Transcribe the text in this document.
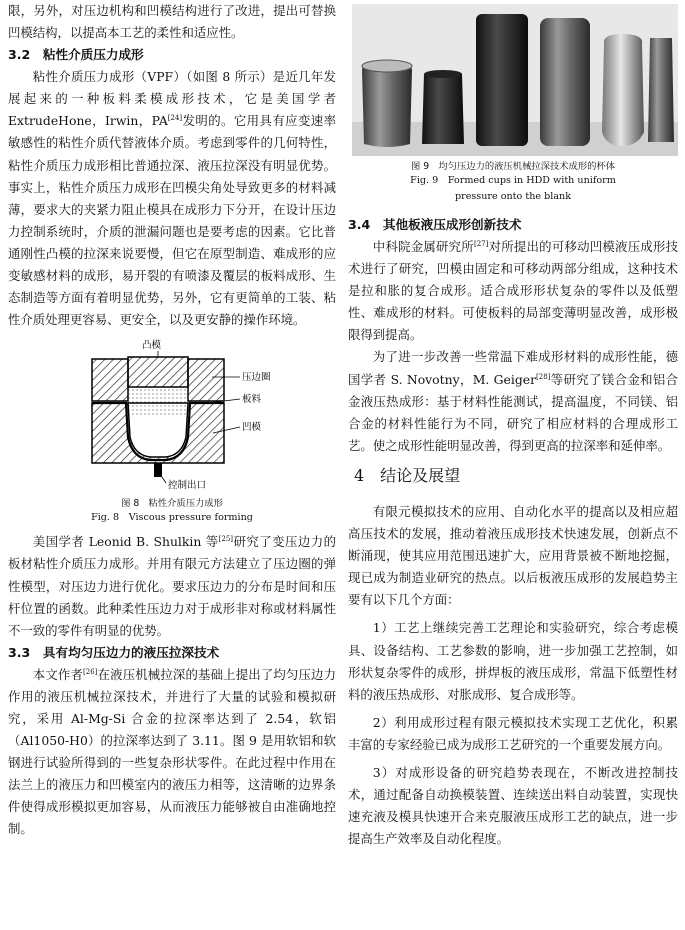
限，另外，对压边机构和凹模结构进行了改进，提出可替换凹模结构，以提高本工艺的柔性和适应性。

3.2　粘性介质压力成形

粘性介质压力成形（VPF）（如图 8 所示）是近几年发展起来的一种板料柔模成形技术，它是美国学者 ExtrudeHone，Irwin，PA[24]发明的。它用具有应变速率敏感性的粘性介质代替液体介质。考虑到零件的几何特性，粘性介质压力成形相比普通拉深、液压拉深没有明显优势。事实上，粘性介质压力成形在凹模尖角处导致更多的材料减薄，要求大的夹紧力阻止模具在成形力下分开，在设计压边力控制系统时，介质的泄漏问题也是要考虑的因素。它比普通刚性凸模的拉深来说要慢，但它在原型制造、难成形的应变敏感材料的成形，易开裂的有喷漆及覆层的板料成形、生态制造等方面有着明显优势，另外，它有更简单的工装、粘性介质处理更容易、更安全，以及更安静的操作环境。

凸模
压边圈
板料
凹模
控制出口
图 8　粘性介质压力成形
Fig. 8　Viscous pressure forming

美国学者 Leonid B. Shulkin 等[25]研究了变压边力的板材粘性介质压力成形。并用有限元方法建立了压边圈的弹性模型，对压边力进行优化。要求压边力的分布是时间和压杆位置的函数。此种柔性压边力对于成形非对称或材料属性不一致的零件有明显的优势。

3.3　具有均匀压边力的液压拉深技术

本文作者[26]在液压机械拉深的基础上提出了均匀压边力作用的液压机械拉深技术，并进行了大量的试验和模拟研究，采用 Al-Mg-Si 合金的拉深率达到了 2.54，软铝（Al1050-H0）的拉深率达到了 3.11。图 9 是用软铝和软钢进行试验所得到的一些复杂形状零件。在此过程中作用在法兰上的液压力和凹模室内的液压力相等，这清晰的边界条件使得成形模拟更加容易，从而液压力能够被自由准确地控制。

图 9　均匀压边力的液压机械拉深技术成形的杯体
Fig. 9　Formed cups in HDD with uniform
pressure onto the blank
3.4　其他板液压成形创新技术

中科院金属研究所[27]对所提出的可移动凹模液压成形技术进行了研究，凹模由固定和可移动两部分组成，这种技术是拉和胀的复合成形。适合成形形状复杂的零件以及低塑性、难成形的材料。可使板料的局部变薄明显改善，成形极限得到提高。

为了进一步改善一些常温下难成形材料的成形性能，德国学者 S. Novotny，M. Geiger[28]等研究了镁合金和铝合金液压热成形：基于材料性能测试，提高温度，不同镁、铝合金的材料性能行为不同，研究了相应材料的合理成形工艺。使之成形性能明显改善，得到更高的拉深率和延伸率。

4　结论及展望

有限元模拟技术的应用、自动化水平的提高以及相应超高压技术的发展，推动着液压成形技术快速发展，创新点不断涌现，使其应用范围迅速扩大，应用背景被不断地挖掘，现已成为制造业研究的热点。以后板液压成形的发展趋势主要有以下几个方面：

1）工艺上继续完善工艺理论和实验研究，综合考虑模具、设备结构、工艺参数的影响，进一步加强工艺控制，如形状复杂零件的成形，拼焊板的液压成形，常温下低塑性材料的液压热成形、对胀成形、复合成形等。

2）利用成形过程有限元模拟技术实现工艺优化，积累丰富的专家经验已成为成形工艺研究的一个重要发展方向。

3）对成形设备的研究趋势表现在，不断改进控制技术，通过配备自动换模装置、连续送出料自动装置，实现快速充液及模具快速开合来克服液压成形工艺的缺点，进一步提高生产效率及自动化程度。
